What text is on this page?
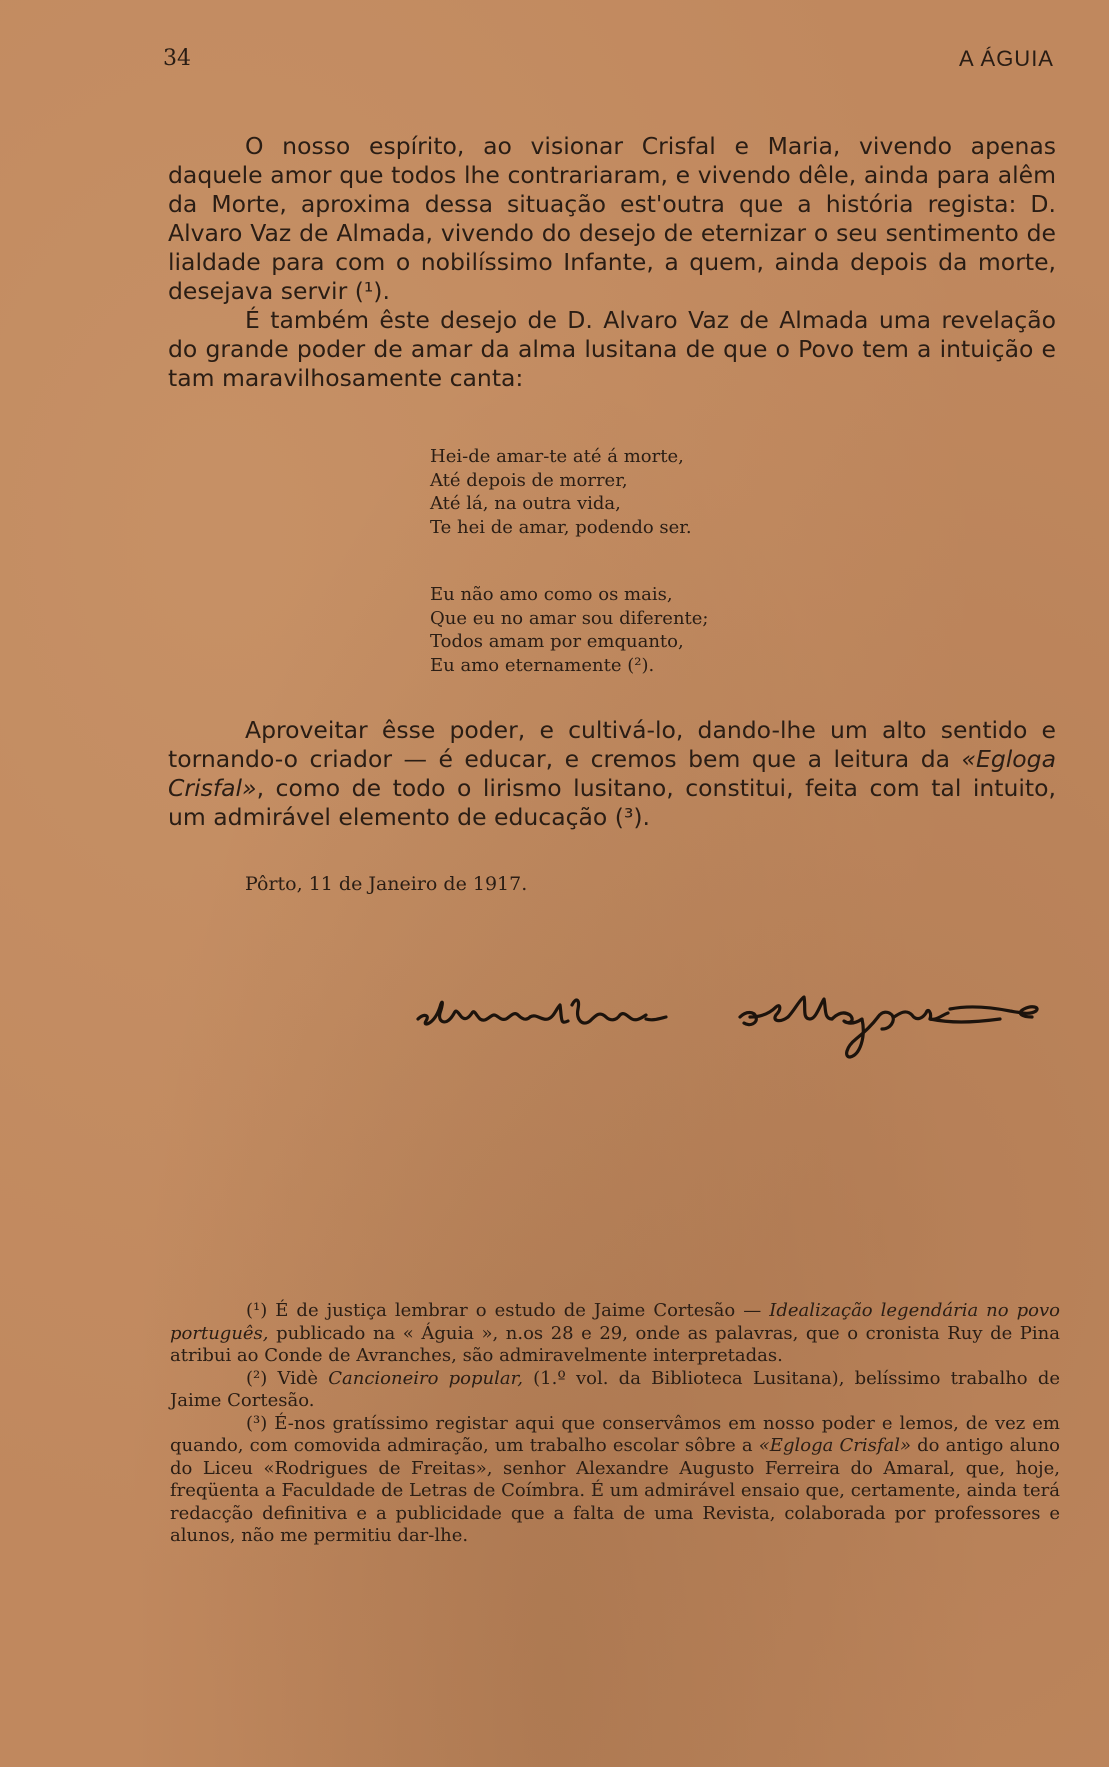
34	A ÁGUIA

O nosso espírito, ao visionar Crisfal e Maria, vivendo apenas daquele amor que todos lhe contrariaram, e vivendo dêle, ainda para alêm da Morte, aproxima dessa situação est'outra que a história regista: D. Alvaro Vaz de Almada, vivendo do desejo de eternizar o seu sentimento de lialdade para com o nobilíssimo Infante, a quem, ainda depois da morte, desejava servir (¹).

É também êste desejo de D. Alvaro Vaz de Almada uma revelação do grande poder de amar da alma lusitana de que o Povo tem a intuição e tam maravilhosamente canta:

Hei-de amar-te até á morte,
Até depois de morrer,
Até lá, na outra vida,
Te hei de amar, podendo ser.
Eu não amo como os mais,
Que eu no amar sou diferente;
Todos amam por emquanto,
Eu amo eternamente (²).

Aproveitar êsse poder, e cultivá-lo, dando-lhe um alto sentido e tornando-o criador — é educar, e cremos bem que a leitura da «Egloga Crisfal», como de todo o lirismo lusitano, constitui, feita com tal intuito, um admirável elemento de educação (³).

Pôrto, 11 de Janeiro de 1917.

(¹) É de justiça lembrar o estudo de Jaime Cortesão — Idealização legendária no povo português, publicado na « Águia », n.os 28 e 29, onde as palavras, que o cronista Ruy de Pina atribui ao Conde de Avranches, são admiravelmente interpretadas.

(²) Vidè Cancioneiro popular, (1.º vol. da Biblioteca Lusitana), belíssimo trabalho de Jaime Cortesão.

(³) É-nos gratíssimo registar aqui que conservâmos em nosso poder e lemos, de vez em quando, com comovida admiração, um trabalho escolar sôbre a «Egloga Crisfal» do antigo aluno do Liceu «Rodrigues de Freitas», senhor Alexandre Augusto Ferreira do Amaral, que, hoje, freqüenta a Faculdade de Letras de Coímbra. É um admirável ensaio que, certamente, ainda terá redacção definitiva e a publicidade que a falta de uma Revista, colaborada por professores e alunos, não me permitiu dar-lhe.
